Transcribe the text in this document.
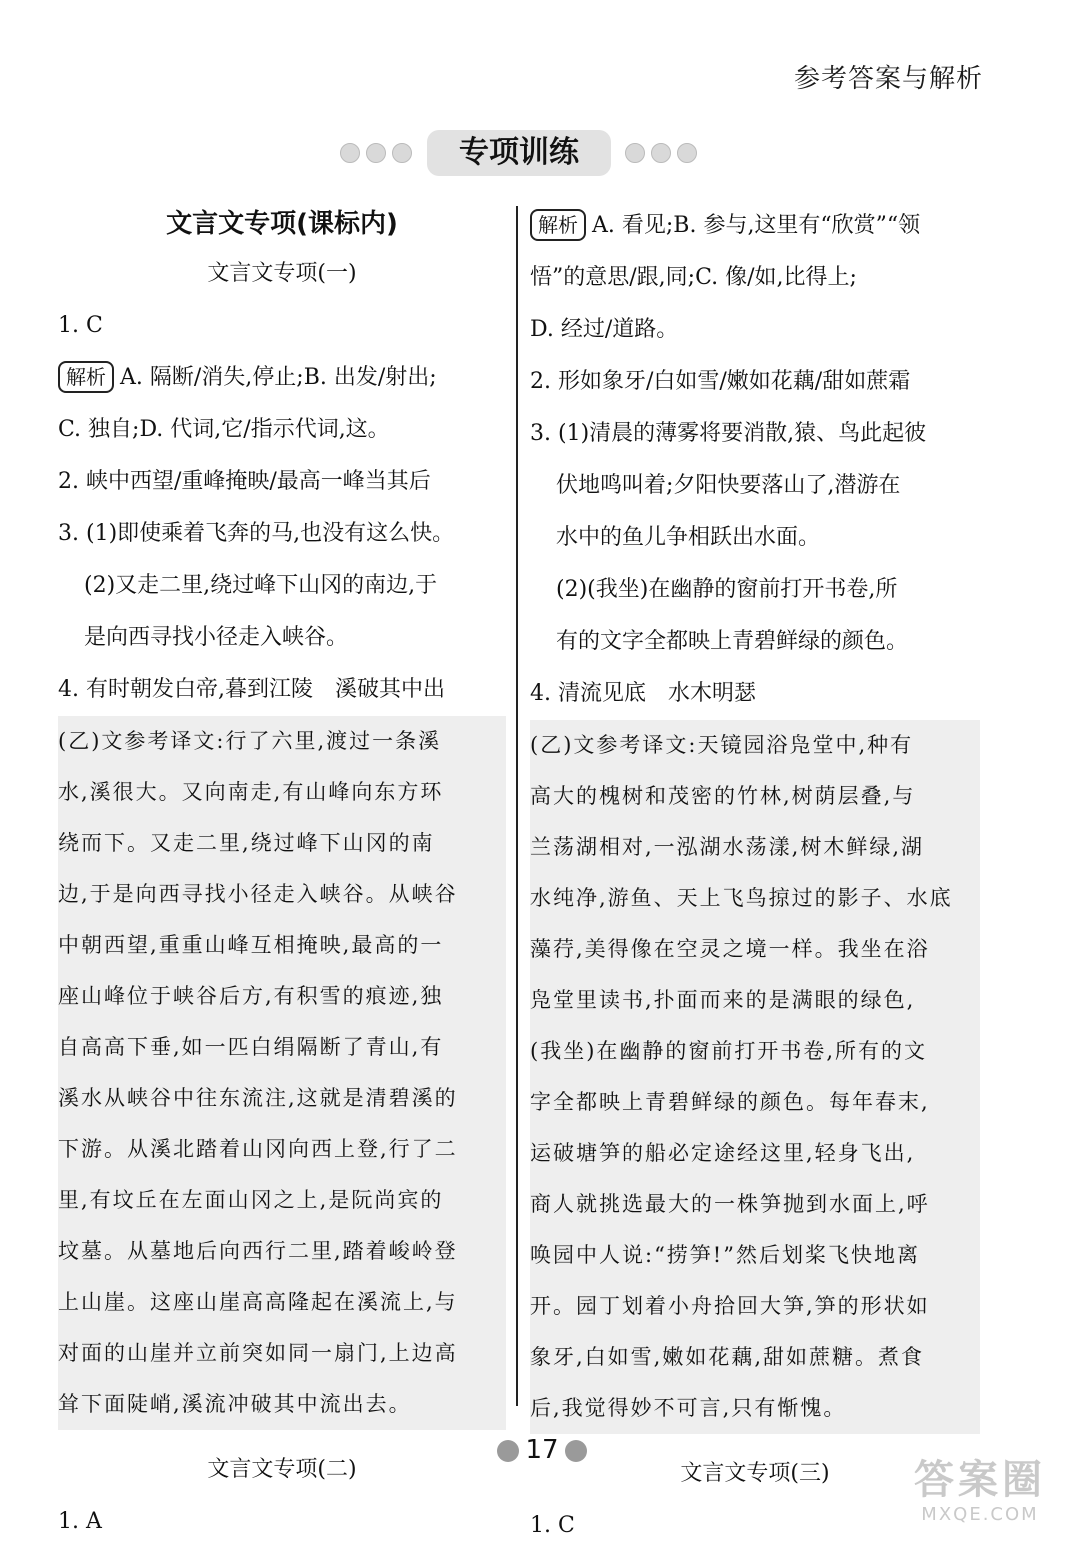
参考答案与解析
专项训练
文言文专项(课标内)
文言文专项(一)
1. C
解析 A. 隔断/消失,停止;B. 出发/射出;
C. 独自;D. 代词,它/指示代词,这。
2. 峡中西望/重峰掩映/最高一峰当其后
3. (1)即使乘着飞奔的马,也没有这么快。
(2)又走二里,绕过峰下山冈的南边,于
是向西寻找小径走入峡谷。
4. 有时朝发白帝,暮到江陵　溪破其中出
(乙)文参考译文:行了六里,渡过一条溪
水,溪很大。又向南走,有山峰向东方环
绕而下。又走二里,绕过峰下山冈的南
边,于是向西寻找小径走入峡谷。从峡谷
中朝西望,重重山峰互相掩映,最高的一
座山峰位于峡谷后方,有积雪的痕迹,独
自高高下垂,如一匹白绢隔断了青山,有
溪水从峡谷中往东流注,这就是清碧溪的
下游。从溪北踏着山冈向西上登,行了二
里,有坟丘在左面山冈之上,是阮尚宾的
坟墓。从墓地后向西行二里,踏着峻岭登
上山崖。这座山崖高高隆起在溪流上,与
对面的山崖并立前突如同一扇门,上边高
耸下面陡峭,溪流冲破其中流出去。
文言文专项(二)
1. A
解析 A. 看见;B. 参与,这里有“欣赏”“领
悟”的意思/跟,同;C. 像/如,比得上;
D. 经过/道路。
2. 形如象牙/白如雪/嫩如花藕/甜如蔗霜
3. (1)清晨的薄雾将要消散,猿、鸟此起彼
伏地鸣叫着;夕阳快要落山了,潜游在
水中的鱼儿争相跃出水面。
(2)(我坐)在幽静的窗前打开书卷,所
有的文字全都映上青碧鲜绿的颜色。
4. 清流见底　水木明瑟
(乙)文参考译文:天镜园浴凫堂中,种有
高大的槐树和茂密的竹林,树荫层叠,与
兰荡湖相对,一泓湖水荡漾,树木鲜绿,湖
水纯净,游鱼、天上飞鸟掠过的影子、水底
藻荇,美得像在空灵之境一样。我坐在浴
凫堂里读书,扑面而来的是满眼的绿色,
(我坐)在幽静的窗前打开书卷,所有的文
字全都映上青碧鲜绿的颜色。每年春末,
运破塘笋的船必定途经这里,轻身飞出,
商人就挑选最大的一株笋抛到水面上,呼
唤园中人说:“捞笋!”然后划桨飞快地离
开。园丁划着小舟拾回大笋,笋的形状如
象牙,白如雪,嫩如花藕,甜如蔗糖。煮食
后,我觉得妙不可言,只有惭愧。
文言文专项(三)
1. C
17
答案圈
MXQE.COM
